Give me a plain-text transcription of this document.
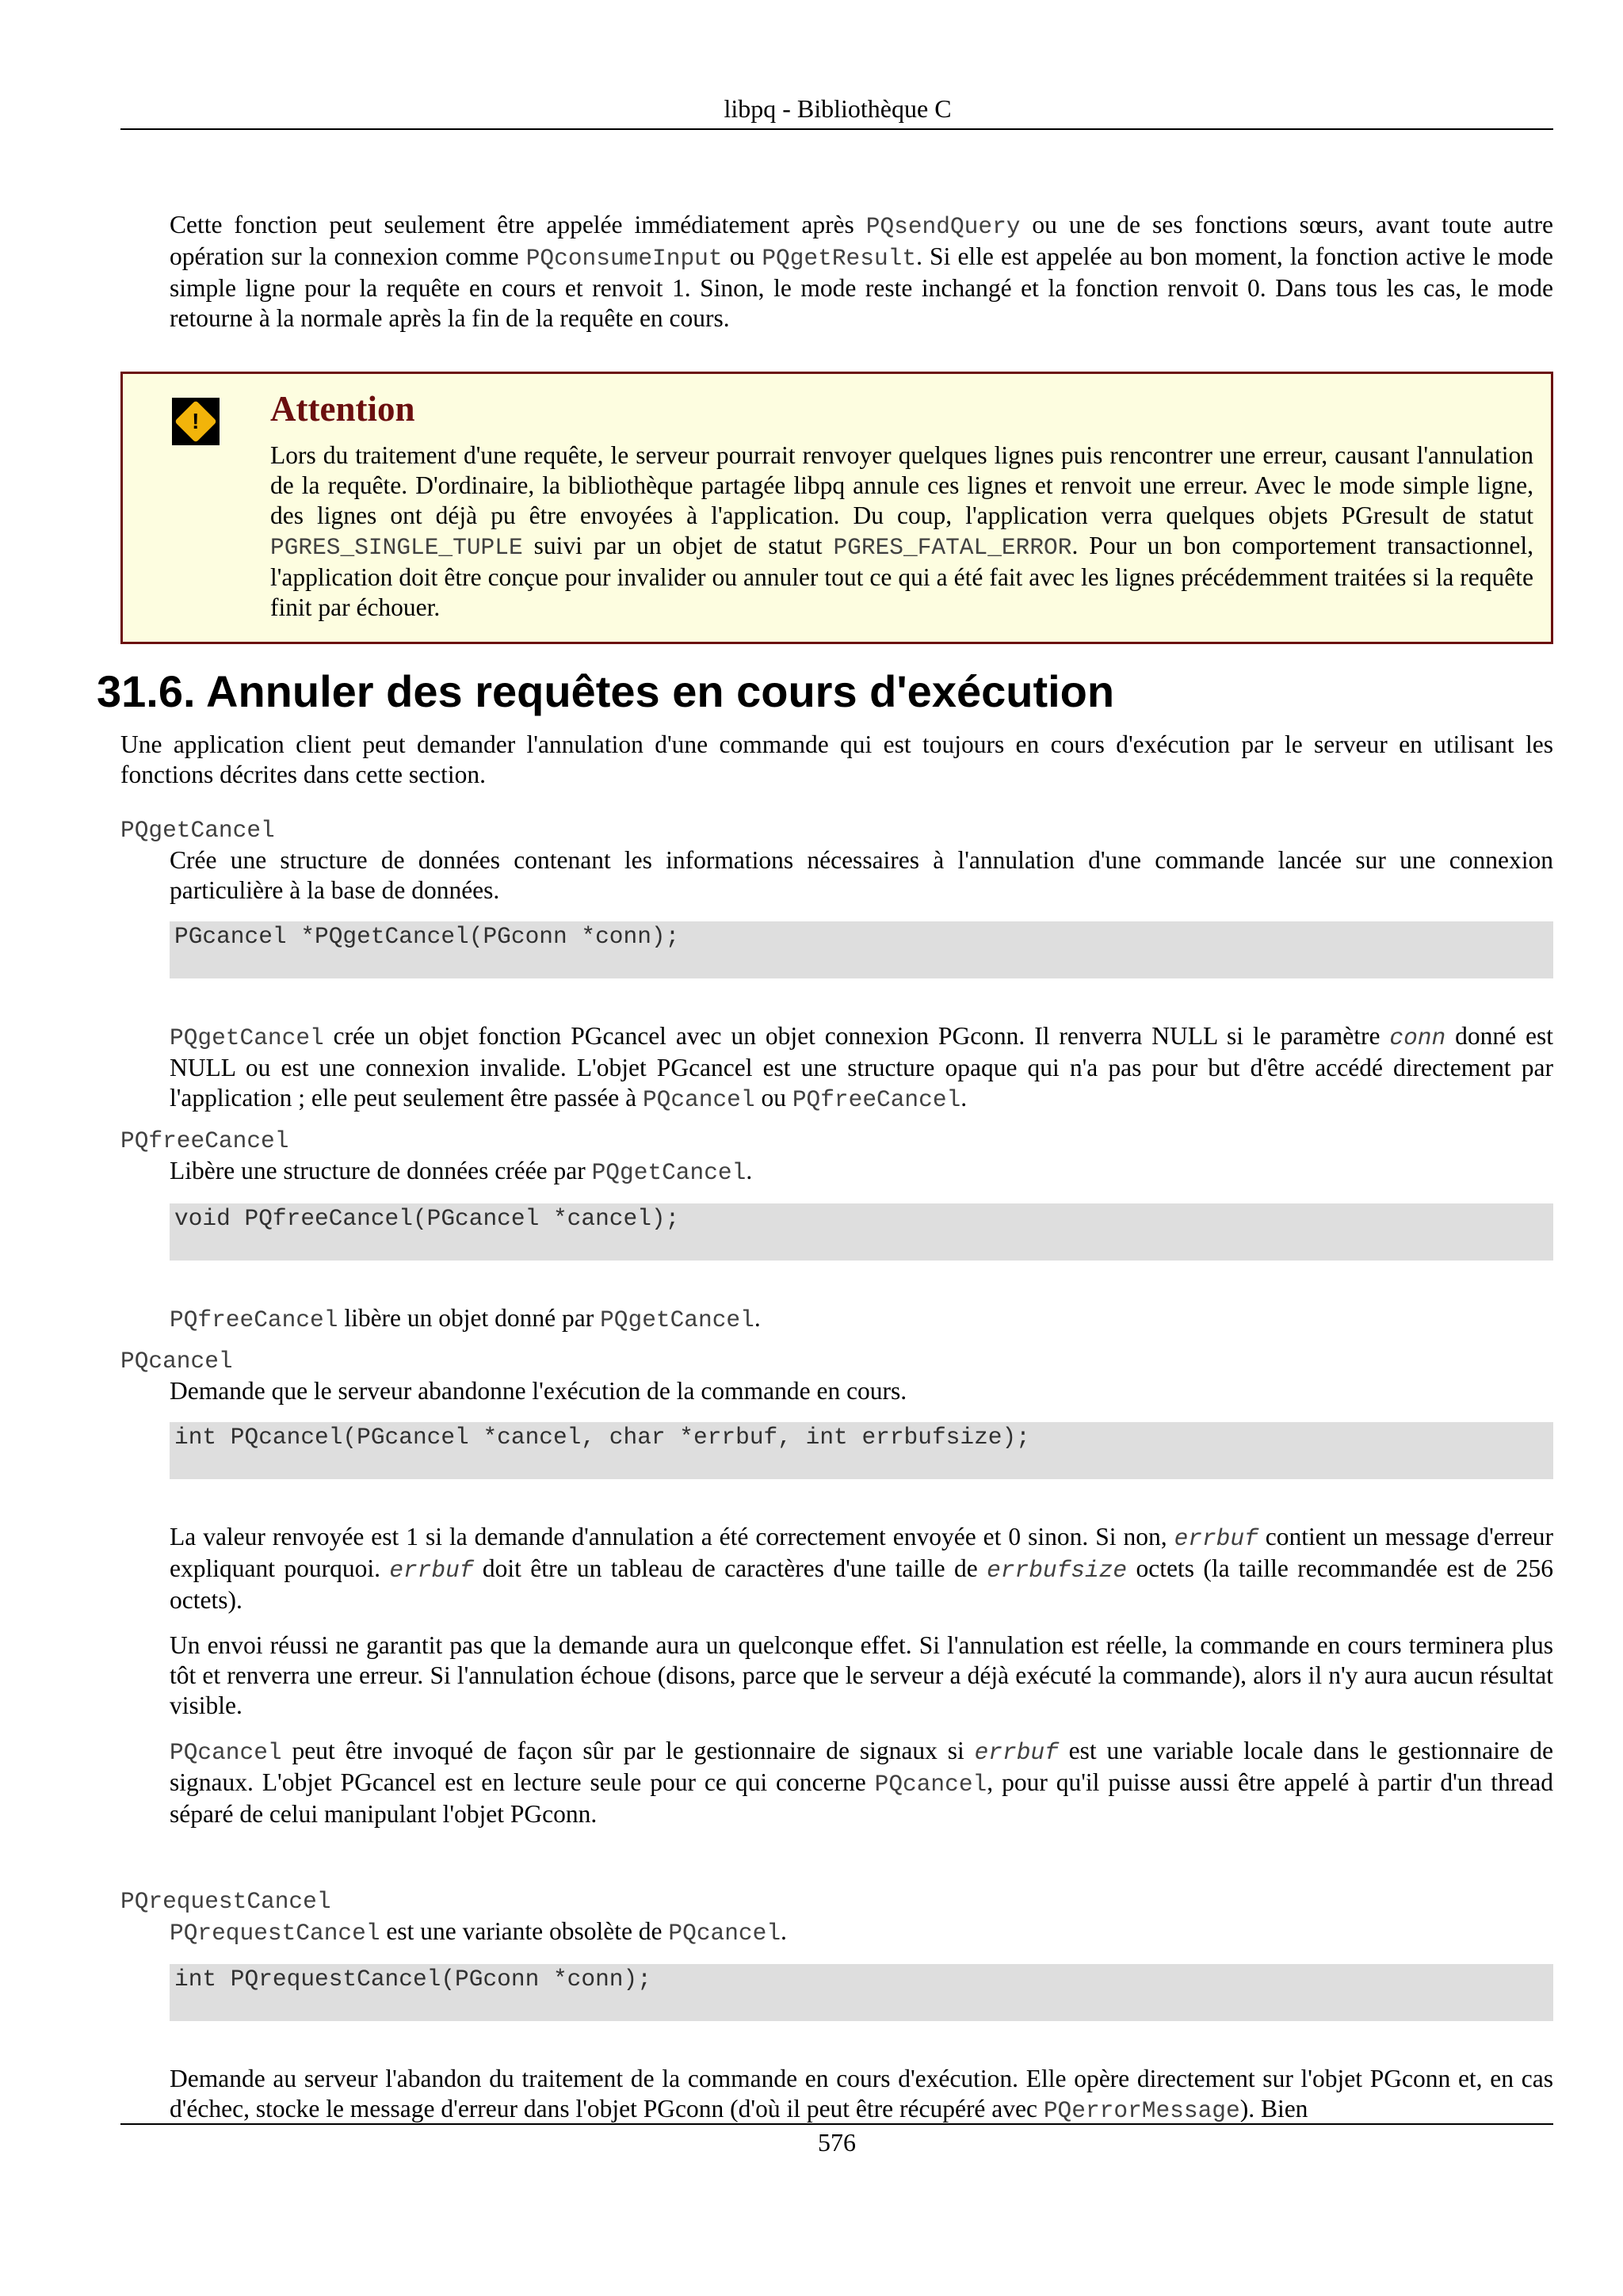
libpq - Bibliothèque C

Cette fonction peut seulement être appelée immédiatement après PQsendQuery ou une de ses fonctions sœurs, avant toute autre opération sur la connexion comme PQconsumeInput ou PQgetResult. Si elle est appelée au bon moment, la fonction active le mode simple ligne pour la requête en cours et renvoit 1. Sinon, le mode reste inchangé et la fonction renvoit 0. Dans tous les cas, le mode retourne à la normale après la fin de la requête en cours.

! Attention
Lors du traitement d'une requête, le serveur pourrait renvoyer quelques lignes puis rencontrer une erreur, causant l'annulation de la requête. D'ordinaire, la bibliothèque partagée libpq annule ces lignes et renvoit une erreur. Avec le mode simple ligne, des lignes ont déjà pu être envoyées à l'application. Du coup, l'application verra quelques objets PGresult de statut PGRES_SINGLE_TUPLE suivi par un objet de statut PGRES_FATAL_ERROR. Pour un bon comportement transactionnel, l'application doit être conçue pour invalider ou annuler tout ce qui a été fait avec les lignes précédemment traitées si la requête finit par échouer.
31.6. Annuler des requêtes en cours d'exécution

Une application client peut demander l'annulation d'une commande qui est toujours en cours d'exécution par le serveur en utilisant les fonctions décrites dans cette section.

PQgetCancel

Crée une structure de données contenant les informations nécessaires à l'annulation d'une commande lancée sur une connexion particulière à la base de données.

PGcancel *PQgetCancel(PGconn *conn);

PQgetCancel crée un objet fonction PGcancel avec un objet connexion PGconn. Il renverra NULL si le paramètre conn donné est NULL ou est une connexion invalide. L'objet PGcancel est une structure opaque qui n'a pas pour but d'être accédé directement par l'application ; elle peut seulement être passée à PQcancel ou PQfreeCancel.

PQfreeCancel

Libère une structure de données créée par PQgetCancel.

void PQfreeCancel(PGcancel *cancel);

PQfreeCancel libère un objet donné par PQgetCancel.

PQcancel

Demande que le serveur abandonne l'exécution de la commande en cours.

int PQcancel(PGcancel *cancel, char *errbuf, int errbufsize);

La valeur renvoyée est 1 si la demande d'annulation a été correctement envoyée et 0 sinon. Si non, errbuf contient un message d'erreur expliquant pourquoi. errbuf doit être un tableau de caractères d'une taille de errbufsize octets (la taille recommandée est de 256 octets).

Un envoi réussi ne garantit pas que la demande aura un quelconque effet. Si l'annulation est réelle, la commande en cours terminera plus tôt et renverra une erreur. Si l'annulation échoue (disons, parce que le serveur a déjà exécuté la commande), alors il n'y aura aucun résultat visible.

PQcancel peut être invoqué de façon sûr par le gestionnaire de signaux si errbuf est une variable locale dans le gestionnaire de signaux. L'objet PGcancel est en lecture seule pour ce qui concerne PQcancel, pour qu'il puisse aussi être appelé à partir d'un thread séparé de celui manipulant l'objet PGconn.

PQrequestCancel

PQrequestCancel est une variante obsolète de PQcancel.

int PQrequestCancel(PGconn *conn);

Demande au serveur l'abandon du traitement de la commande en cours d'exécution. Elle opère directement sur l'objet PGconn et, en cas d'échec, stocke le message d'erreur dans l'objet PGconn (d'où il peut être récupéré avec PQerrorMessage). Bien

576
